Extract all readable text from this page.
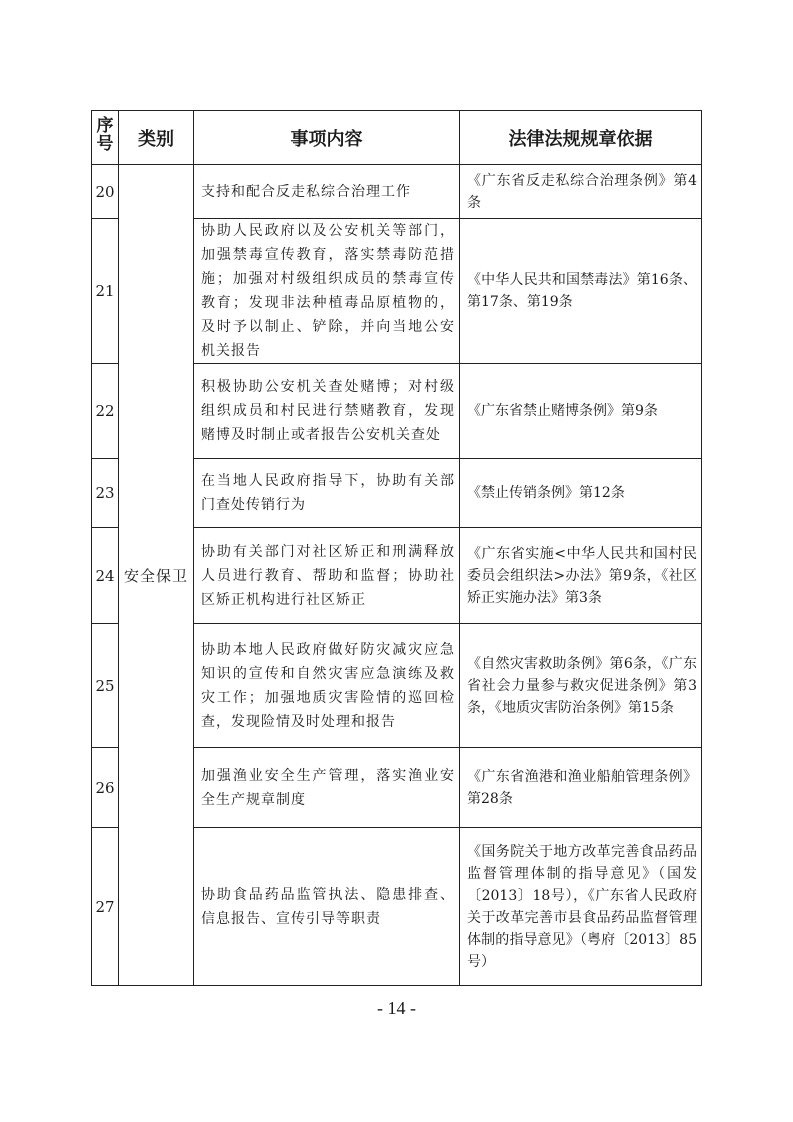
序号	类别	事项内容	法律法规规章依据
20	安全保卫	支持和配合反走私综合治理工作	《广东省反走私综合治理条例》第4条
21		协助人民政府以及公安机关等部门，加强禁毒宣传教育，落实禁毒防范措施；加强对村级组织成员的禁毒宣传教育；发现非法种植毒品原植物的，及时予以制止、铲除，并向当地公安机关报告	《中华人民共和国禁毒法》第16条、第17条、第19条
22		积极协助公安机关查处赌博；对村级组织成员和村民进行禁赌教育，发现赌博及时制止或者报告公安机关查处	《广东省禁止赌博条例》第9条
23		在当地人民政府指导下，协助有关部门查处传销行为	《禁止传销条例》第12条
24		协助有关部门对社区矫正和刑满释放人员进行教育、帮助和监督；协助社区矫正机构进行社区矫正	《广东省实施<中华人民共和国村民委员会组织法>办法》第9条，《社区矫正实施办法》第3条
25		协助本地人民政府做好防灾减灾应急知识的宣传和自然灾害应急演练及救灾工作；加强地质灾害险情的巡回检查，发现险情及时处理和报告	《自然灾害救助条例》第6条，《广东省社会力量参与救灾促进条例》第3条，《地质灾害防治条例》第15条
26		加强渔业安全生产管理，落实渔业安全生产规章制度	《广东省渔港和渔业船舶管理条例》第28条
27		协助食品药品监管执法、隐患排查、信息报告、宣传引导等职责	《国务院关于地方改革完善食品药品监督管理体制的指导意见》（国发〔2013〕18号），《广东省人民政府关于改革完善市县食品药品监督管理体制的指导意见》（粤府〔2013〕85号）
- 14 -
